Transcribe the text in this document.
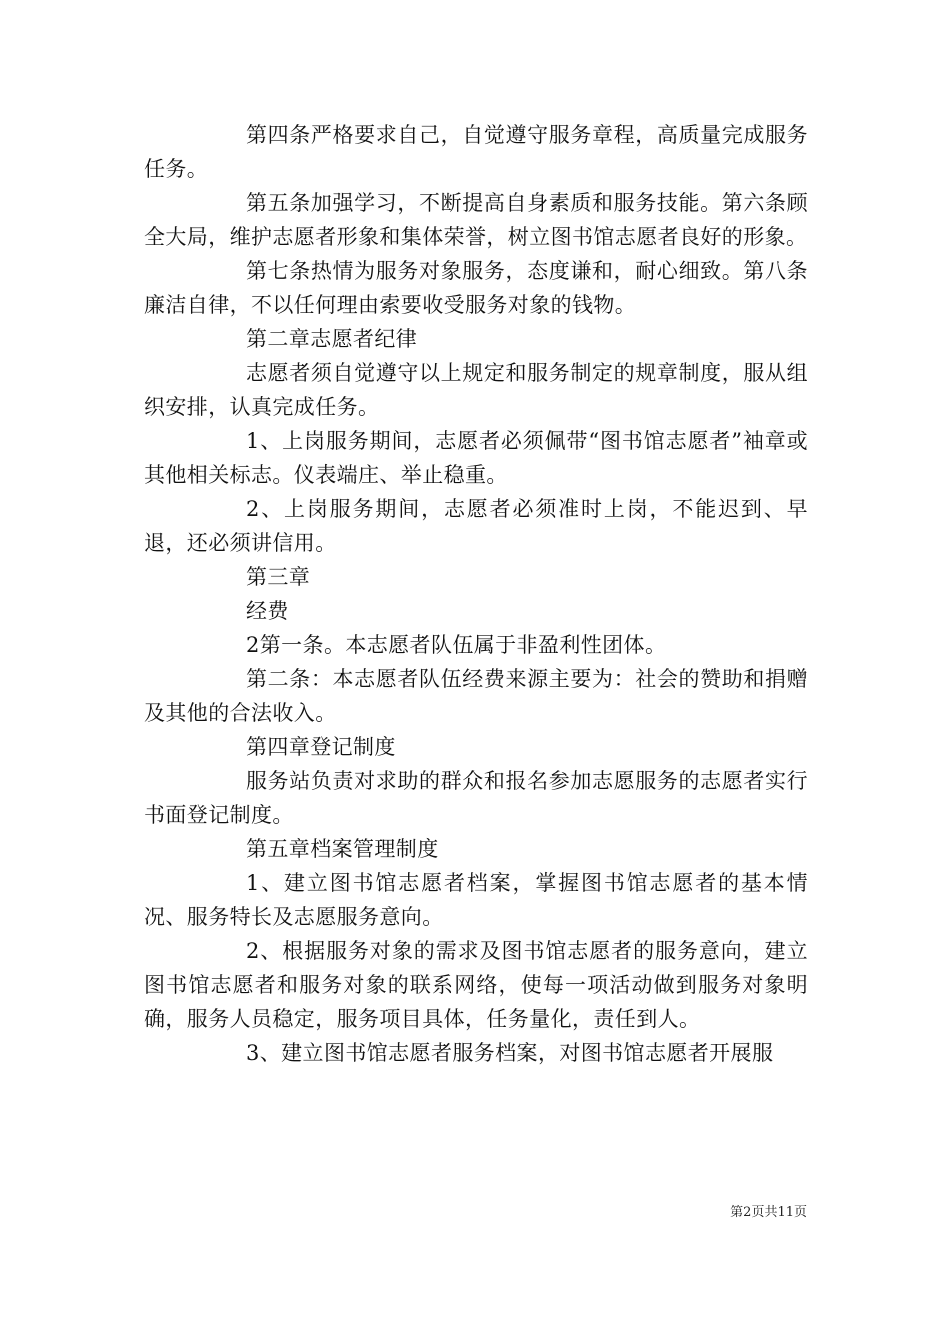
第四条严格要求自己，自觉遵守服务章程，高质量完成服务任务。

第五条加强学习，不断提高自身素质和服务技能。第六条顾全大局，维护志愿者形象和集体荣誉，树立图书馆志愿者良好的形象。

第七条热情为服务对象服务，态度谦和，耐心细致。第八条廉洁自律，不以任何理由索要收受服务对象的钱物。

第二章志愿者纪律

志愿者须自觉遵守以上规定和服务制定的规章制度，服从组织安排，认真完成任务。

1、上岗服务期间，志愿者必须佩带“图书馆志愿者”袖章或其他相关标志。仪表端庄、举止稳重。

2、上岗服务期间，志愿者必须准时上岗，不能迟到、早退，还必须讲信用。

第三章

经费

2第一条。本志愿者队伍属于非盈利性团体。

第二条：本志愿者队伍经费来源主要为：社会的赞助和捐赠及其他的合法收入。

第四章登记制度

服务站负责对求助的群众和报名参加志愿服务的志愿者实行书面登记制度。

第五章档案管理制度

1、建立图书馆志愿者档案，掌握图书馆志愿者的基本情况、服务特长及志愿服务意向。

2、根据服务对象的需求及图书馆志愿者的服务意向，建立图书馆志愿者和服务对象的联系网络，使每一项活动做到服务对象明确，服务人员稳定，服务项目具体，任务量化，责任到人。

3、建立图书馆志愿者服务档案，对图书馆志愿者开展服

第2页共11页
